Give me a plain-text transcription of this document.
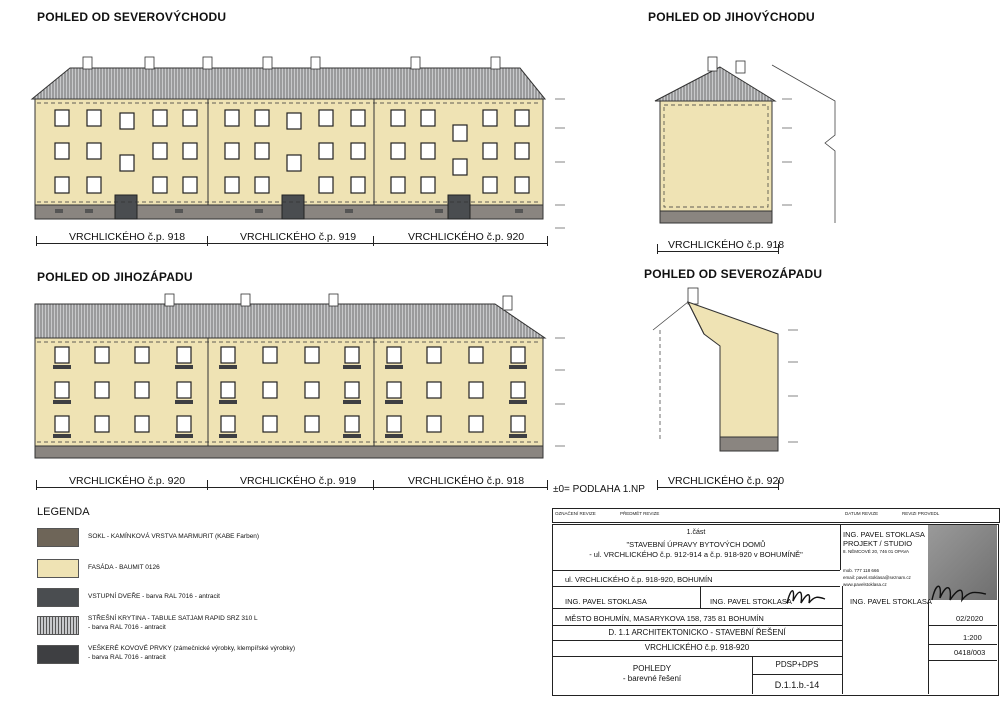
POHLED OD SEVEROVÝCHODU	POHLED OD JIHOVÝCHODU
POHLED OD JIHOZÁPADU	POHLED OD SEVEROZÁPADU
VRCHLICKÉHO č.p. 918	VRCHLICKÉHO č.p. 919	VRCHLICKÉHO č.p. 920
VRCHLICKÉHO č.p. 918
VRCHLICKÉHO č.p. 920	VRCHLICKÉHO č.p. 919	VRCHLICKÉHO č.p. 918
±0= PODLAHA 1.NP
VRCHLICKÉHO č.p. 920
LEGENDA
SOKL - KAMÍNKOVÁ VRSTVA MARMURIT (KABE Farben)
FASÁDA - BAUMIT 0126
VSTUPNÍ DVEŘE - barva RAL 7016 - antracit
STŘEŠNÍ KRYTINA - TABULE SATJAM RAPID SRZ 310 L
- barva RAL 7016 - antracit
VEŠKERÉ KOVOVÉ PRVKY (zámečnické výrobky, klempířské výrobky)
- barva RAL 7016 - antracit
OZNAČENÍ REVIZE	PŘEDMĚT REVIZE	DATUM REVIZE	REVIZI PROVEDL
1.část
"STAVEBNÍ ÚPRAVY BYTOVÝCH DOMŮ
- ul. VRCHLICKÉHO č.p. 912-914 a č.p. 918-920 v BOHUMÍNĚ"
ING. PAVEL STOKLASA
PROJEKT / STUDIO
8. NĚMCOVÉ 20, 746 01 OPAVA
mob. 777 118 666
email: pavel.stoklasa@seznam.cz
www.pavelstoklasa.cz
ul. VRCHLICKÉHO č.p. 918-920, BOHUMÍN
ING. PAVEL STOKLASA	ING. PAVEL STOKLASA
MĚSTO BOHUMÍN, MASARYKOVA 158, 735 81 BOHUMÍN
D. 1.1 ARCHITEKTONICKO - STAVEBNÍ ŘEŠENÍ
VRCHLICKÉHO č.p. 918-920
POHLEDY
- barevné řešení
PDSP+DPS
D.1.1.b.-14
ING. PAVEL STOKLASA
02/2020
1:200
0418/003
